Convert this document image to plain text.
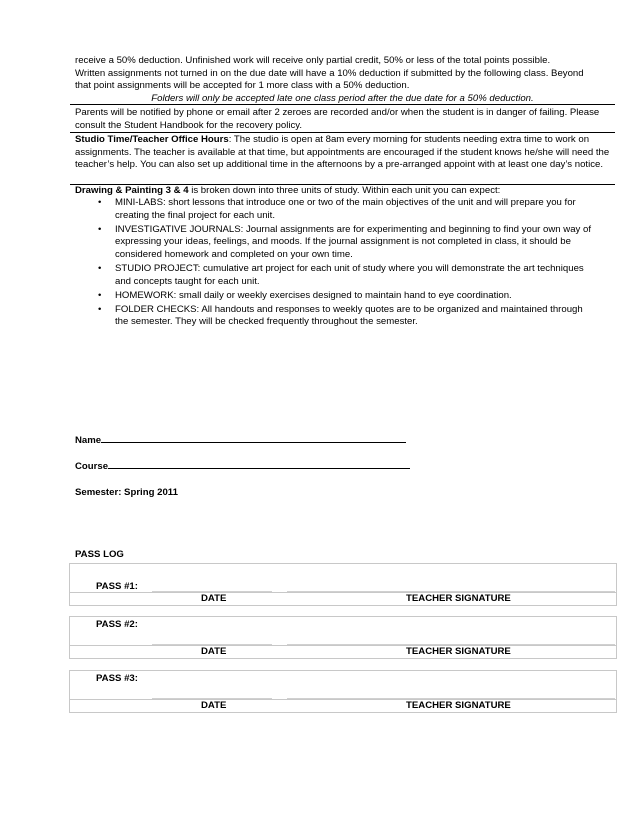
receive a 50% deduction. Unfinished work will receive only partial credit, 50% or less of the total points possible.
Written assignments not turned in on the due date will have a 10% deduction if submitted by the following class. Beyond
that point assignments will be accepted for 1 more class with a 50% deduction.
Folders will only be accepted late one class period after the due date for a 50% deduction.
Parents will be notified by phone or email after 2 zeroes are recorded and/or when the student is in danger of failing. Please consult the Student Handbook for the recovery policy.
Studio Time/Teacher Office Hours: The studio is open at 8am every morning for students needing extra time to work on assignments. The teacher is available at that time, but appointments are encouraged if the student knows he/she will need the teacher’s help. You can also set up additional time in the afternoons by a pre-arranged appoint with at least one day’s notice.
Drawing & Painting 3 & 4 is broken down into three units of study. Within each unit you can expect:
• MINI-LABS: short lessons that introduce one or two of the main objectives of the unit and will prepare you for creating the final project for each unit.
• INVESTIGATIVE JOURNALS: Journal assignments are for experimenting and beginning to find your own way of expressing your ideas, feelings, and moods. If the journal assignment is not completed in class, it should be considered homework and completed on your own time.
• STUDIO PROJECT: cumulative art project for each unit of study where you will demonstrate the art techniques and concepts taught for each unit.
• HOMEWORK: small daily or weekly exercises designed to maintain hand to eye coordination.
• FOLDER CHECKS: All handouts and responses to weekly quotes are to be organized and maintained through the semester. They will be checked frequently throughout the semester.
Name
Course
Semester: Spring 2011
PASS LOG
PASS #1:
DATE	TEACHER SIGNATURE
PASS #2:
DATE	TEACHER SIGNATURE
PASS #3:
DATE	TEACHER SIGNATURE
